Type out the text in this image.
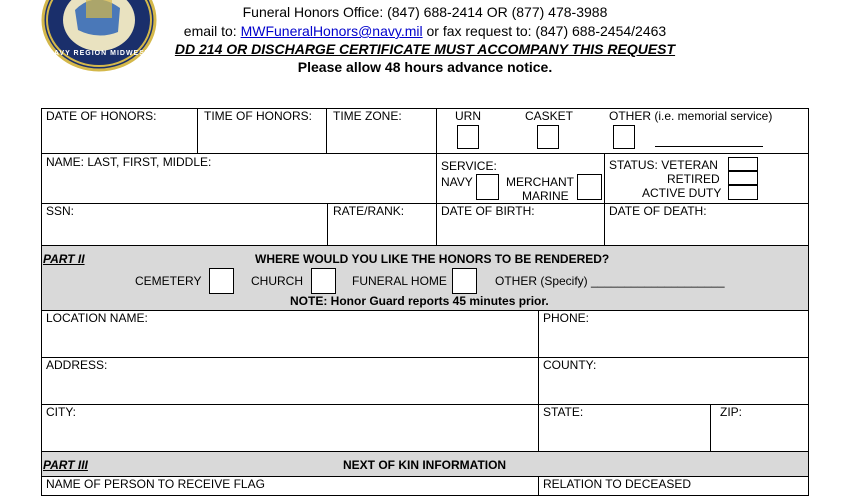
NAVY REGION MIDWEST
Funeral Honors Office: (847) 688-2414 OR (877) 478-3988
email to: MWFuneralHonors@navy.mil or fax request to: (847) 688-2454/2463
DD 214 OR DISCHARGE CERTIFICATE MUST ACCOMPANY THIS REQUEST
Please allow 48 hours advance notice.
DATE OF HONORS:	TIME OF HONORS: TIME ZONE:	URN	CASKET	OTHER (i.e. memorial service)
NAME: LAST, FIRST, MIDDLE:	SERVICE:
NAVY	MERCHANT
MARINE
STATUS: VETERAN
RETIRED
ACTIVE DUTY
SSN:	RATE/RANK:	DATE OF BIRTH:	DATE OF DEATH:
PART II	WHERE WOULD YOU LIKE THE HONORS TO BE RENDERED?
CEMETERY	CHURCH	FUNERAL HOME	OTHER (Specify) ____________________
NOTE: Honor Guard reports 45 minutes prior.
LOCATION NAME:	PHONE:
ADDRESS:	COUNTY:
CITY:	STATE:	ZIP:
PART III	NEXT OF KIN INFORMATION
NAME OF PERSON TO RECEIVE FLAG	RELATION TO DECEASED
